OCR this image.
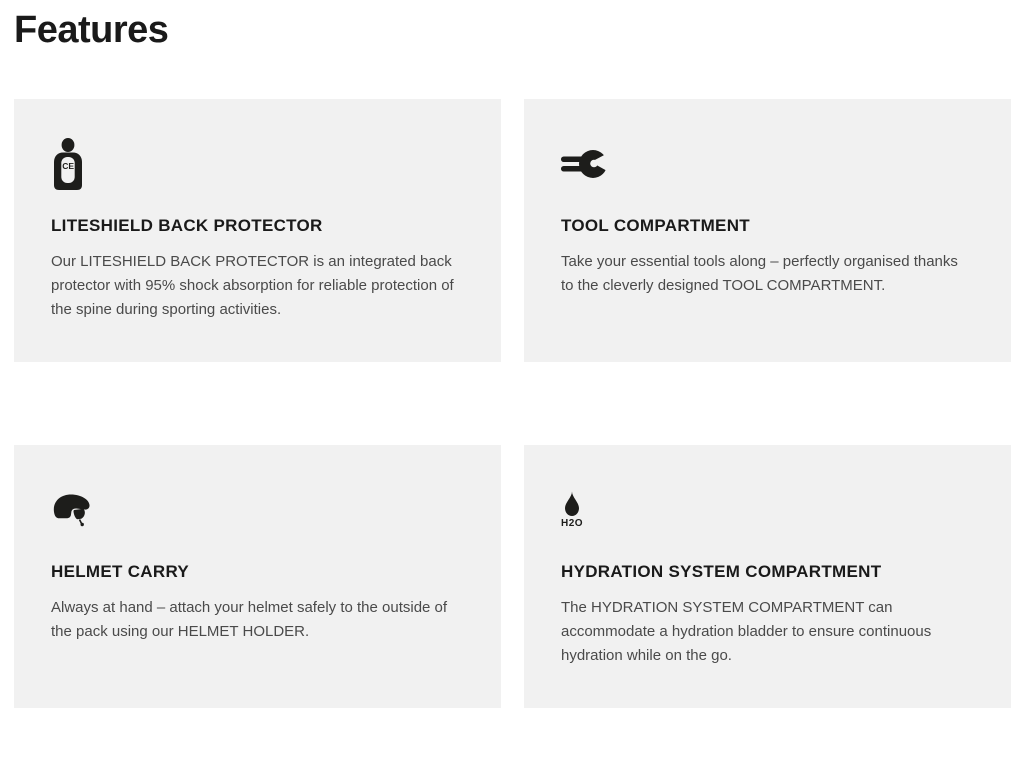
Features
CE
LITESHIELD BACK PROTECTOR

Our LITESHIELD BACK PROTECTOR is an integrated back protector with 95% shock absorption for reliable protection of the spine during sporting activities.

TOOL COMPARTMENT

Take your essential tools along – perfectly organised thanks to the cleverly designed TOOL COMPARTMENT.

HELMET CARRY

Always at hand – attach your helmet safely to the outside of the pack using our HELMET HOLDER.

H2O
HYDRATION SYSTEM COMPARTMENT

The HYDRATION SYSTEM COMPARTMENT can accommodate a hydration bladder to ensure continuous hydration while on the go.
